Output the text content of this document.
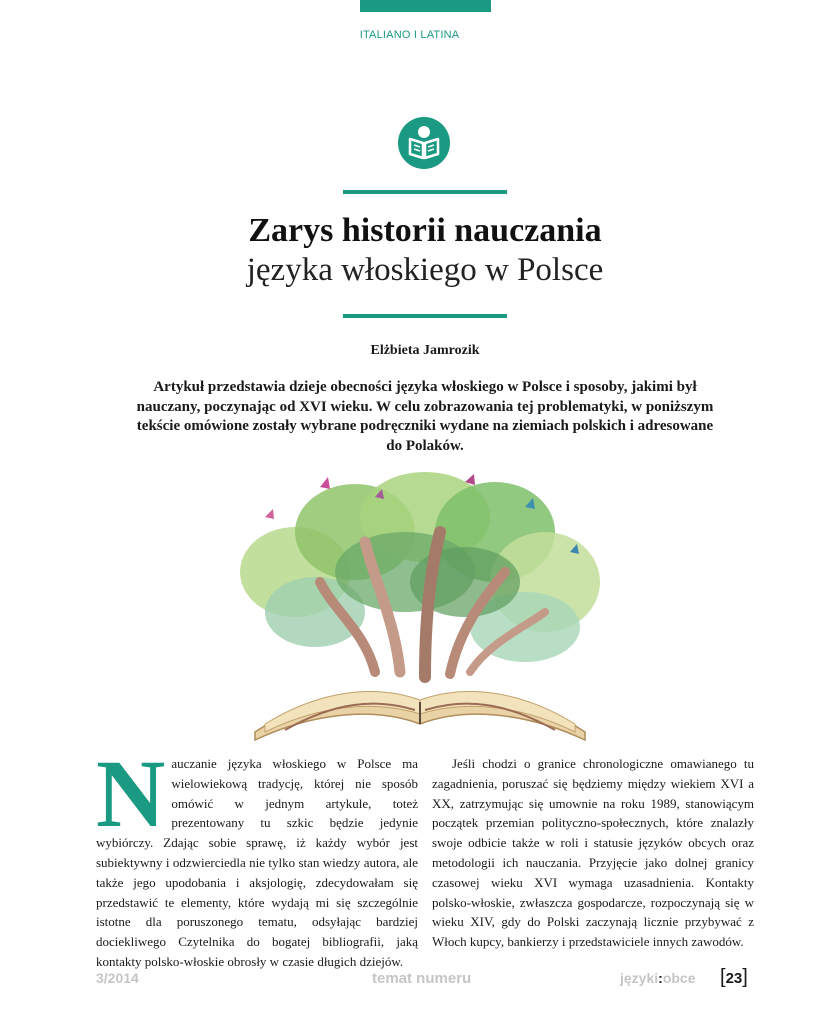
ITALIANO I LATINA
Zarys historii nauczania
języka włoskiego w Polsce
Elżbieta Jamrozik
Artykuł przedstawia dzieje obecności języka włoskiego w Polsce i sposoby, jakimi był nauczany, poczynając od XVI wieku. W celu zobrazowania tej problematyki, w poniższym tekście omówione zostały wybrane podręczniki wydane na ziemiach polskich i adresowane do Polaków.
N auczanie języka włoskiego w Polsce ma wielowiekową tradycję, której nie sposób omówić w jednym artykule, toteż prezentowany tu szkic będzie jedynie wybiórczy. Zdając sobie sprawę, iż każdy wybór jest subiektywny i odzwierciedla nie tylko stan wiedzy autora, ale także jego upodobania i aksjologię, zdecydowałam się przedstawić te elementy, które wydają mi się szczególnie istotne dla poruszonego tematu, odsyłając bardziej dociekliwego Czytelnika do bogatej bibliografii, jaką kontakty polsko-włoskie obrosły w czasie długich dziejów.

Jeśli chodzi o granice chronologiczne omawianego tu zagadnienia, poruszać się będziemy między wiekiem XVI a XX, zatrzymując się umownie na roku 1989, stanowiącym początek przemian polityczno-społecznych, które znalazły swoje odbicie także w roli i statusie języków obcych oraz metodologii ich nauczania. Przyjęcie jako dolnej granicy czasowej wieku XVI wymaga uzasadnienia. Kontakty polsko-włoskie, zwłaszcza gospodarcze, rozpoczynają się w wieku XIV, gdy do Polski zaczynają licznie przybywać z Włoch kupcy, bankierzy i przedstawiciele innych zawodów.

3/2014	temat numeru	języki:obce [23]
